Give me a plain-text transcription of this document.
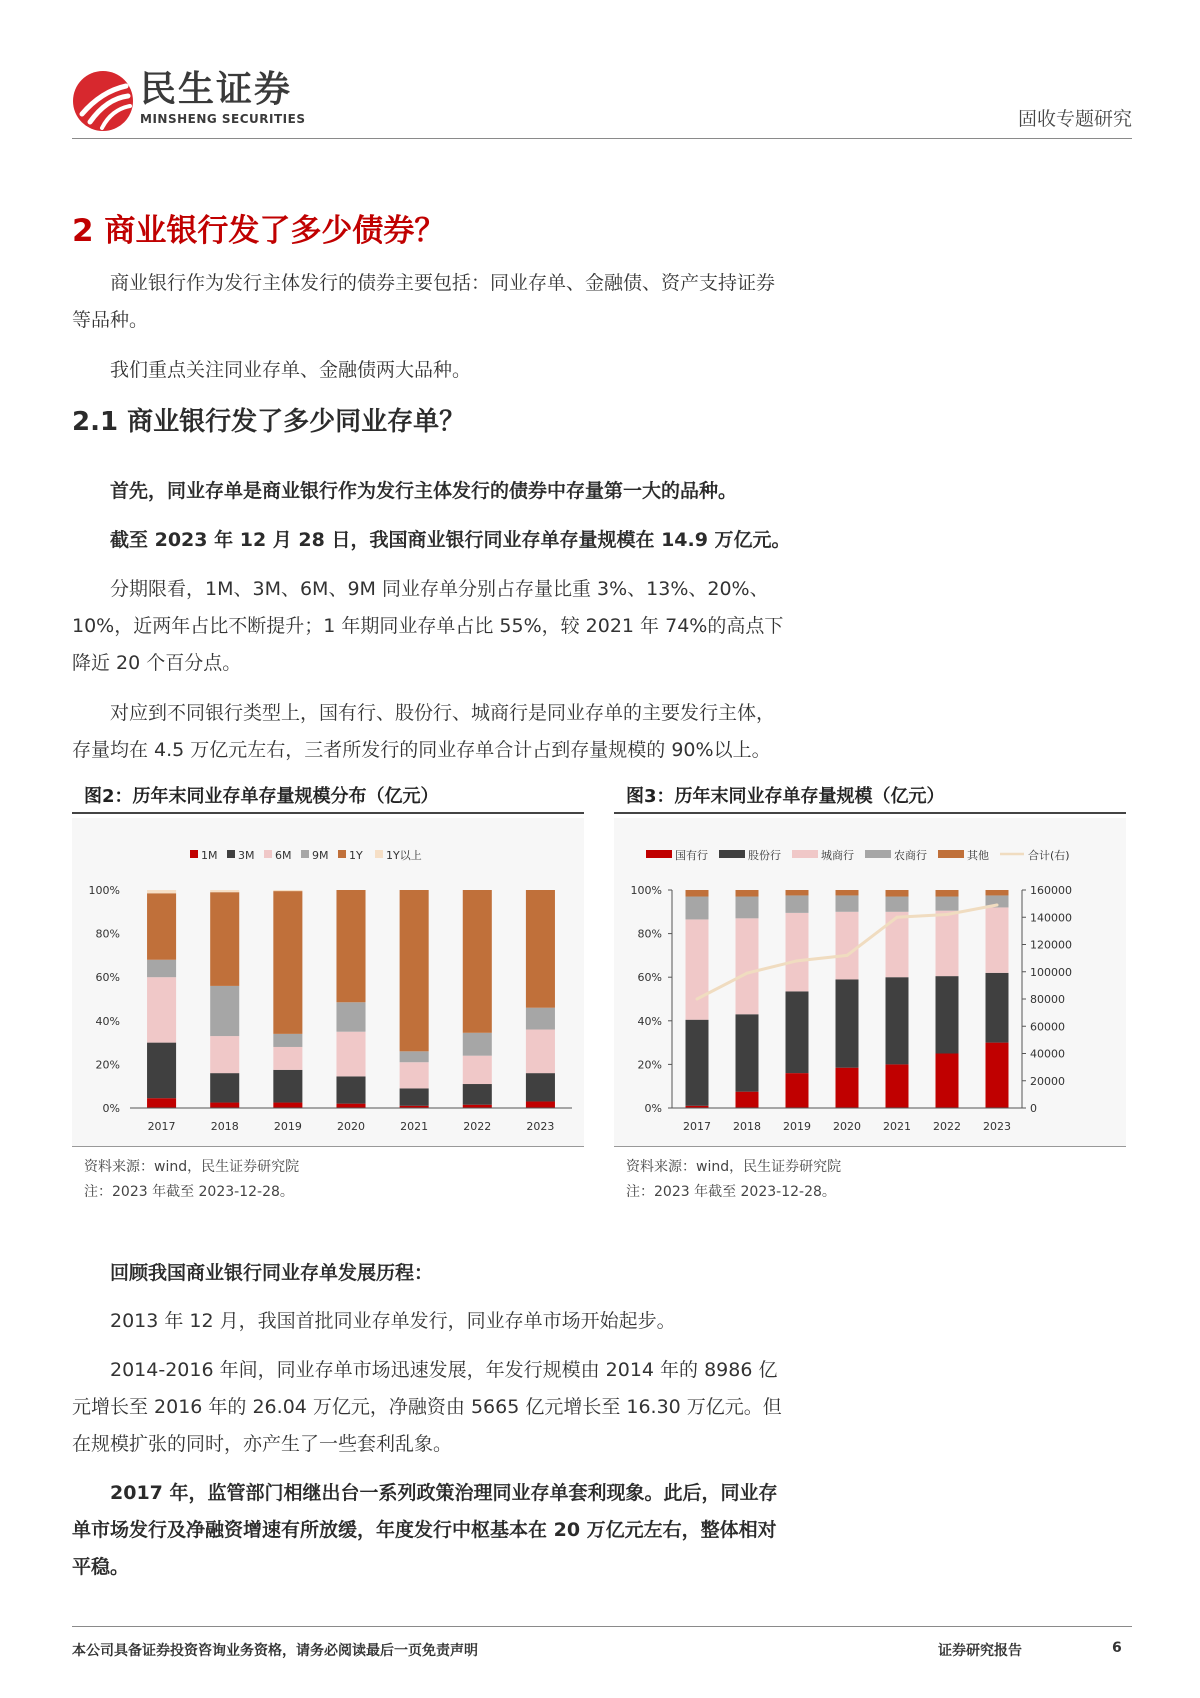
民生证券
MINSHENG SECURITIES	固收专题研究
2 商业银行发了多少债券？

商业银行作为发行主体发行的债券主要包括：同业存单、金融债、资产支持证券等品种。

我们重点关注同业存单、金融债两大品种。

2.1 商业银行发了多少同业存单？

首先，同业存单是商业银行作为发行主体发行的债券中存量第一大的品种。

截至 2023 年 12 月 28 日，我国商业银行同业存单存量规模在 14.9 万亿元。

分期限看，1M、3M、6M、9M 同业存单分别占存量比重 3%、13%、20%、10%，近两年占比不断提升；1 年期同业存单占比 55%，较 2021 年 74%的高点下降近 20 个百分点。

对应到不同银行类型上，国有行、股份行、城商行是同业存单的主要发行主体，存量均在 4.5 万亿元左右，三者所发行的同业存单合计占到存量规模的 90%以上。

图2：历年末同业存单存量规模分布（亿元）
1M 3M 6M 9M 1Y 1Y以上
0%
20%
40%
60%
80%
100%
2017	2018	2019	2020	2021	2022	2023
资料来源：wind，民生证券研究院
注：2023 年截至 2023-12-28。
图3：历年末同业存单存量规模（亿元）
国有行	股份行	城商行	农商行	其他	合计(右)
0%
20%
40%
60%
80%
100%
2017 2018 2019 2020 2021 2022 2023
0
20000
40000
60000
80000
100000
120000
140000
160000
资料来源：wind，民生证券研究院
注：2023 年截至 2023-12-28。

回顾我国商业银行同业存单发展历程：

2013 年 12 月，我国首批同业存单发行，同业存单市场开始起步。

2014-2016 年间，同业存单市场迅速发展，年发行规模由 2014 年的 8986 亿元增长至 2016 年的 26.04 万亿元，净融资由 5665 亿元增长至 16.30 万亿元。但在规模扩张的同时，亦产生了一些套利乱象。

2017 年，监管部门相继出台一系列政策治理同业存单套利现象。此后，同业存单市场发行及净融资增速有所放缓，年度发行中枢基本在 20 万亿元左右，整体相对平稳。

本公司具备证券投资咨询业务资格，请务必阅读最后一页免责声明	证券研究报告	6
